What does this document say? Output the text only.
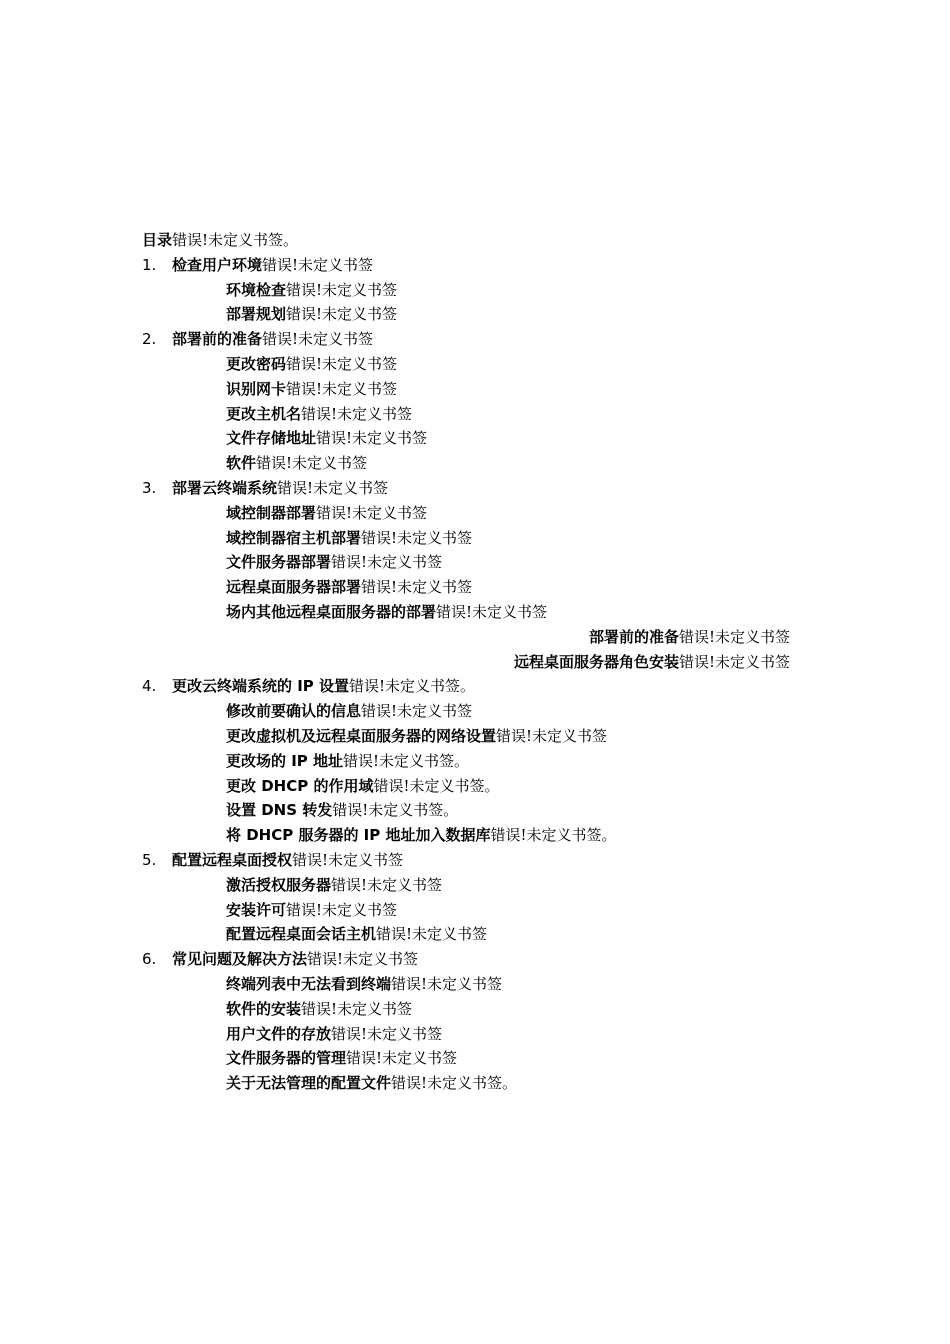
目录错误!未定义书签。
1. 检查用户环境错误!未定义书签
环境检查错误!未定义书签
部署规划错误!未定义书签
2. 部署前的准备错误!未定义书签
更改密码错误!未定义书签
识别网卡错误!未定义书签
更改主机名错误!未定义书签
文件存储地址错误!未定义书签
软件错误!未定义书签
3. 部署云终端系统错误!未定义书签
域控制器部署错误!未定义书签
域控制器宿主机部署错误!未定义书签
文件服务器部署错误!未定义书签
远程桌面服务器部署错误!未定义书签
场内其他远程桌面服务器的部署错误!未定义书签
部署前的准备错误!未定义书签
远程桌面服务器角色安装错误!未定义书签
4. 更改云终端系统的 IP 设置错误!未定义书签。
修改前要确认的信息错误!未定义书签
更改虚拟机及远程桌面服务器的网络设置错误!未定义书签
更改场的 IP 地址错误!未定义书签。
更改 DHCP 的作用域错误!未定义书签。
设置 DNS 转发错误!未定义书签。
将 DHCP 服务器的 IP 地址加入数据库错误!未定义书签。
5. 配置远程桌面授权错误!未定义书签
激活授权服务器错误!未定义书签
安装许可错误!未定义书签
配置远程桌面会话主机错误!未定义书签
6. 常见问题及解决方法错误!未定义书签
终端列表中无法看到终端错误!未定义书签
软件的安装错误!未定义书签
用户文件的存放错误!未定义书签
文件服务器的管理错误!未定义书签
关于无法管理的配置文件错误!未定义书签。
